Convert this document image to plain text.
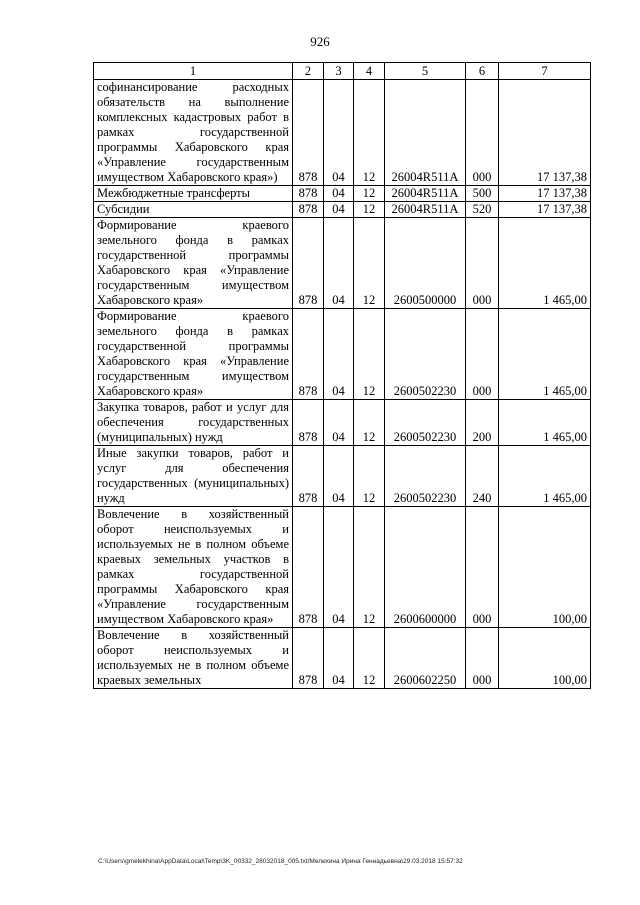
926
1	2	3	4	5	6	7
софинансирование расходных обязательств на выполнение комплексных кадастровых работ в рамках государственной программы Хабаровского края «Управление государственным имуществом Хабаровского края»)	878	04	12	26004R511A	000	17 137,38
Межбюджетные трансферты	878	04	12	26004R511A	500	17 137,38
Субсидии	878	04	12	26004R511A	520	17 137,38
Формирование краевого земельного фонда в рамках государственной программы Хабаровского края «Управление государственным имуществом Хабаровского края»	878	04	12	2600500000	000	1 465,00
Формирование краевого земельного фонда в рамках государственной программы Хабаровского края «Управление государственным имуществом Хабаровского края»	878	04	12	2600502230	000	1 465,00
Закупка товаров, работ и услуг для обеспечения государственных (муниципальных) нужд	878	04	12	2600502230	200	1 465,00
Иные закупки товаров, работ и услуг для обеспечения государственных (муниципальных) нужд	878	04	12	2600502230	240	1 465,00
Вовлечение в хозяйственный оборот неиспользуемых и используемых не в полном объеме краевых земельных участков в рамках государственной программы Хабаровского края «Управление государственным имуществом Хабаровского края»	878	04	12	2600600000	000	100,00
Вовлечение в хозяйственный оборот неиспользуемых и используемых не в полном объеме краевых земельных	878	04	12	2600602250	000	100,00
C:\Users\gmelekhina\AppData\Local\Temp\3K_00332_28032018_005.txt/Мелехина Ирина Геннадьевна\29.03.2018 15:57:32
